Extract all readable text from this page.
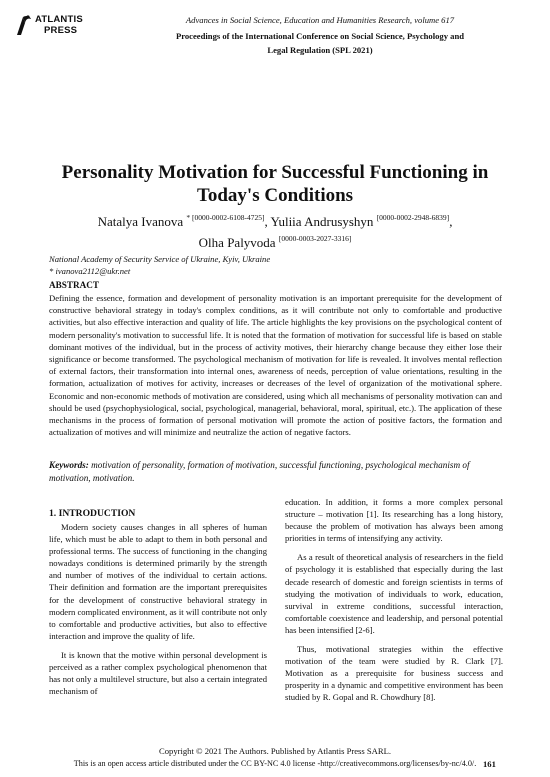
ATLANTIS
PRESS
Advances in Social Science, Education and Humanities Research, volume 617
Proceedings of the International Conference on Social Science, Psychology and
Legal Regulation (SPL 2021)
Personality Motivation for Successful Functioning in
Today's Conditions
Natalya Ivanova $^{* [0000-0002-6108-4725]}$, Yuliia Andrusyshyn [0000-0002-2948-6839],
Olha Palyvoda [0000-0003-2027-3316]
National Academy of Security Service of Ukraine, Kyiv, Ukraine
* ivanova2112@ukr.net
ABSTRACT
Defining the essence, formation and development of personality motivation is an important prerequisite for the development of constructive behavioral strategy in today's complex conditions, as it will contribute not only to comfortable and productive activities, but also effective interaction and quality of life. The article highlights the key provisions on the psychological content of modern personality's motivation to successful life. It is noted that the formation of motivation for successful life is based on stable dominant motives of the individual, but in the process of activity motives, their hierarchy change because they either lose their significance or become transformed. The psychological mechanism of motivation for life is revealed. It involves mental reflection of external factors, their transformation into internal ones, awareness of needs, perception of value orientations, resulting in the formation, actualization of motives for activity, increases or decreases of the level of organization of the motivational sphere. Economic and non-economic methods of motivation are considered, using which all mechanisms of personality motivation can and should be used (psychophysiological, social, psychological, managerial, behavioral, moral, spiritual, etc.). The application of these mechanisms in the process of formation of personal motivation will promote the action of positive factors, the formation and actualization of motives and will minimize and neutralize the action of negative factors.
Keywords: motivation of personality, formation of motivation, successful functioning, psychological mechanism of motivation, motivation.
1. INTRODUCTION

Modern society causes changes in all spheres of human life, which must be able to adapt to them in both personal and professional terms. The success of functioning in the changing nowadays conditions is determined primarily by the strength and number of motives of the individual to certain actions. Their definition and formation are the important prerequisites for the development of constructive behavioral strategy in modern complicated environment, as it will contribute not only to comfortable and productive activities, but also to effective interaction and improve the quality of life.

It is known that the motive within personal development is perceived as a rather complex psychological phenomenon that has not only a multilevel structure, but also a certain integrated mechanism of

education. In addition, it forms a more complex personal structure – motivation [1]. Its researching has a long history, because the problem of motivation has always been among priorities in terms of intensifying any activity.

As a result of theoretical analysis of researchers in the field of psychology it is established that especially during the last decade research of domestic and foreign scientists in terms of studying the motivation of individuals to work, education, survival in extreme conditions, successful interaction, comfortable coexistence and leadership, and personal potential has been intensified [2-6].

Thus, motivational strategies within the effective motivation of the team were studied by R. Clark [7]. Motivation as a prerequisite for business success and prosperity in a dynamic and competitive environment has been studied by R. Gopal and R. Chowdhury [8].

Copyright © 2021 The Authors. Published by Atlantis Press SARL.
This is an open access article distributed under the CC BY-NC 4.0 license -http://creativecommons.org/licenses/by-nc/4.0/. 161
